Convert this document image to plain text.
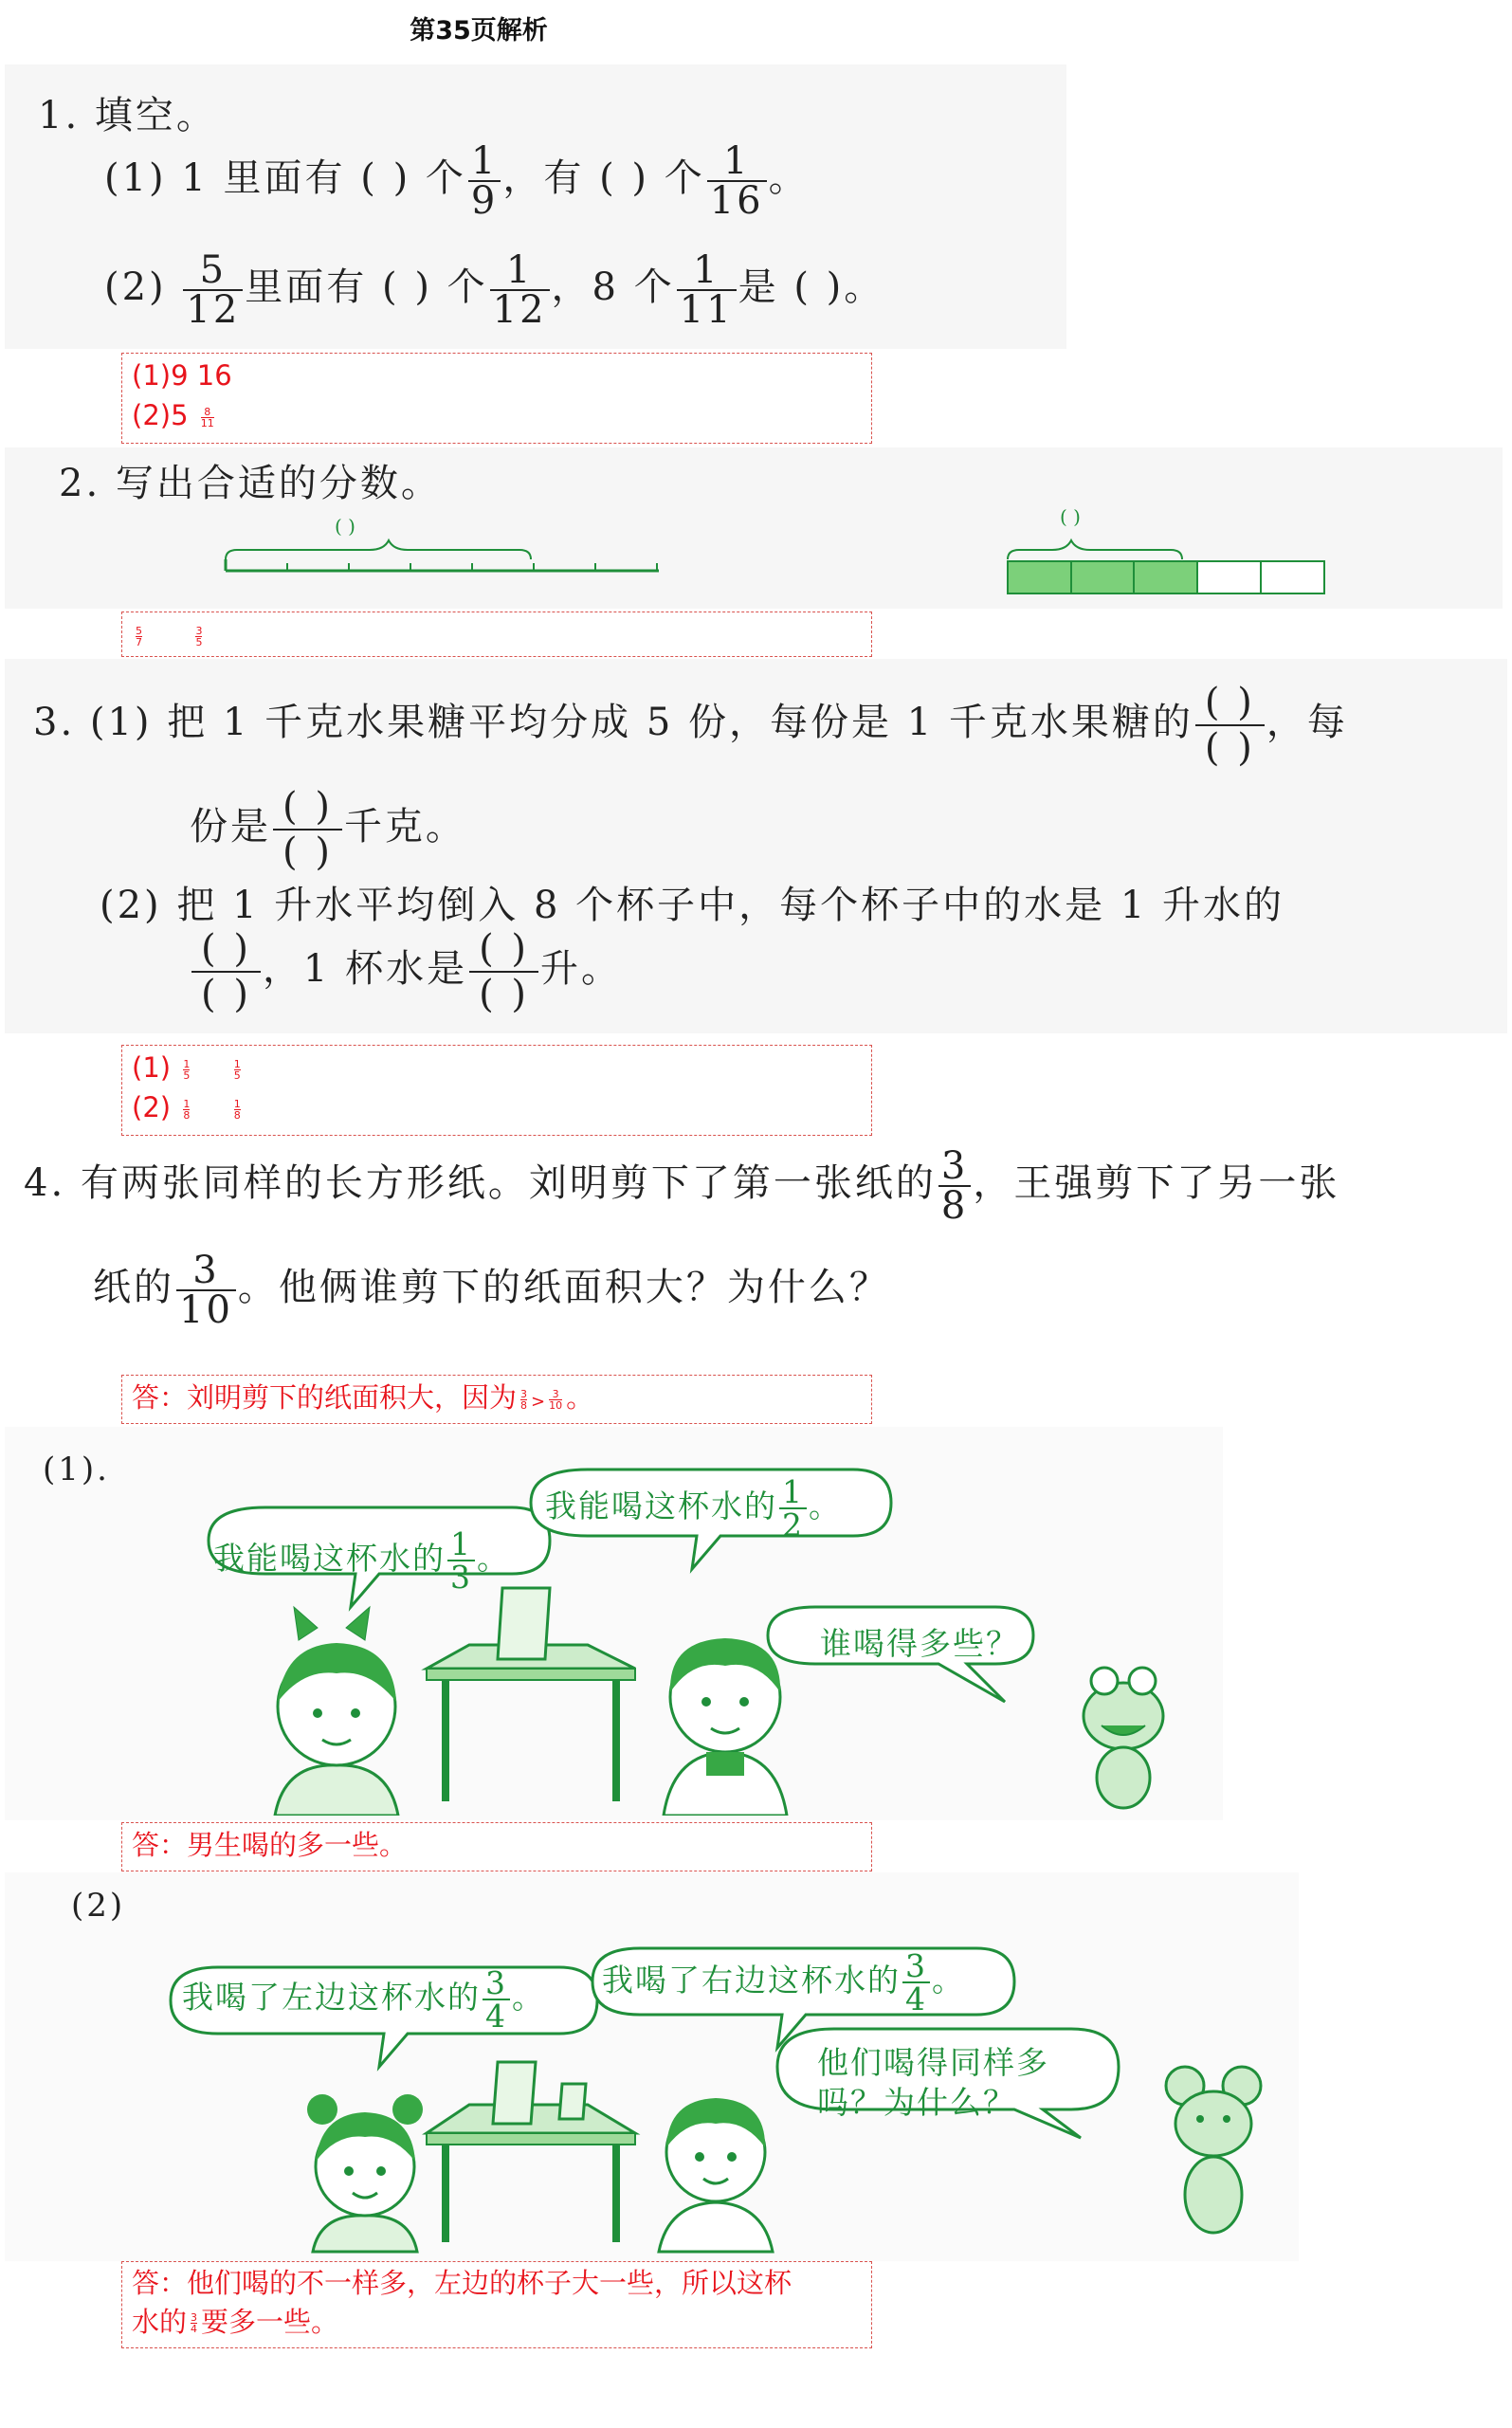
第35页解析
1. 填空。
(1) 1 里面有 ( ) 个 $\frac{1}{9}$ ，有 ( ) 个 $\frac{1}{16}$ 。
$(2) \frac{5}{12}$ 里面有 ( ) 个 $\frac{1}{12}$ ，8 个 $\frac{1}{11}$ 是 ( )。
(1)9 16
$(2)5 \frac{8}{11}$
2. 写出合适的分数。
( )	( )
$\frac{5}{7}$
	$\frac{3}{5}$
3. (1) 把 1 千克水果糖平均分成 5 份，每份是 1 千克水果糖的 ( )
( )
，每
份是 ( )
( )
千克。
(2) 把 1 升水平均倒入 8 个杯子中，每个杯子中的水是 1 升水的
( )
( )
，1 杯水是 ( )
( )
升。
$(1) \frac{1}{5}$
	$\frac{1}{5}$
$(2) \frac{1}{8}$
	$\frac{1}{8}$
4. 有两张同样的长方形纸。刘明剪下了第一张纸的 $\frac{3}{8}$ ，王强剪下了另一张
纸的 $\frac{3}{10}$ 。他俩谁剪下的纸面积大？为什么？
答：刘明剪下的纸面积大，因为 $\frac{3}{8} > \frac{3}{10}$ 。
(1).
我能喝这杯水的 $\frac{1}{3}$ 。
我能喝这杯水的 $\frac{1}{2}$ 。
谁喝得多些？
答：男生喝的多一些。
(2)
我喝了左边这杯水的 $\frac{3}{4}$ 。 我喝了右边这杯水的 $\frac{3}{4}$ 。
他们喝得同样多
吗？为什么？
答：他们喝的不一样多，左边的杯子大一些，所以这杯
水的 $\frac{3}{4}$ 要多一些。
